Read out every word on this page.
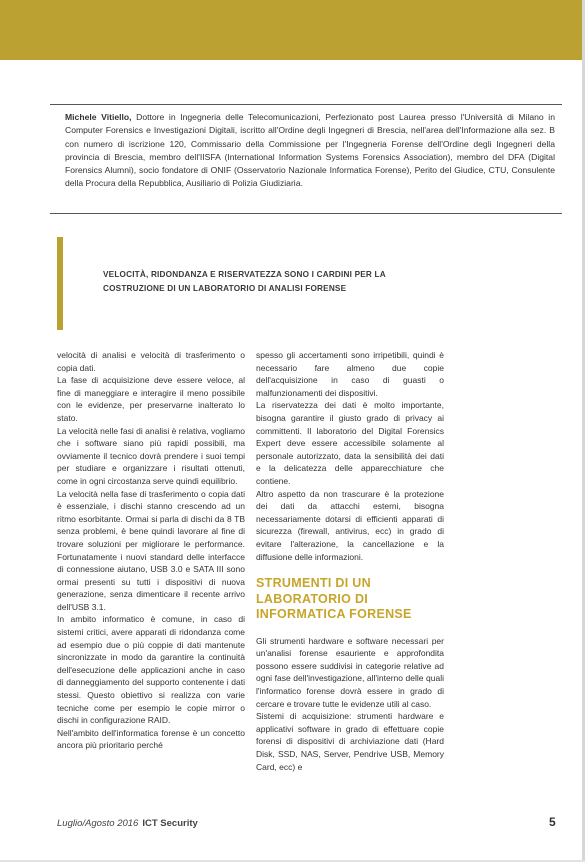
Michele Vitiello, Dottore in Ingegneria delle Telecomunicazioni, Perfezionato post Laurea presso l'Università di Milano in Computer Forensics e Investigazioni Digitali, iscritto all'Ordine degli Ingegneri di Brescia, nell'area dell'Informazione alla sez. B con numero di iscrizione 120, Commissario della Commissione per l'Ingegneria Forense dell'Ordine degli Ingegneri della provincia di Brescia, membro dell'IISFA (International Information Systems Forensics Association), membro del DFA (Digital Forensics Alumni), socio fondatore di ONIF (Osservatorio Nazionale Informatica Forense), Perito del Giudice, CTU, Consulente della Procura della Repubblica, Ausiliario di Polizia Giudiziaria.

VELOCITÀ, RIDONDANZA E RISERVATEZZA SONO I CARDINI PER LA COSTRUZIONE DI UN LABORATORIO DI ANALISI FORENSE

velocità di analisi e velocità di trasferimento o copia dati.

La fase di acquisizione deve essere veloce, al fine di maneggiare e interagire il meno possibile con le evidenze, per preservarne inalterato lo stato.

La velocità nelle fasi di analisi è relativa, vogliamo che i software siano più rapidi possibili, ma ovviamente il tecnico dovrà prendere i suoi tempi per studiare e organizzare i risultati ottenuti, come in ogni circostanza serve quindi equilibrio.

La velocità nella fase di trasferimento o copia dati è essenziale, i dischi stanno crescendo ad un ritmo esorbitante. Ormai si parla di dischi da 8 TB senza problemi, è bene quindi lavorare al fine di trovare soluzioni per migliorare le performance. Fortunatamente i nuovi standard delle interfacce di connessione aiutano, USB 3.0 e SATA III sono ormai presenti su tutti i dispositivi di nuova generazione, senza dimenticare il recente arrivo dell'USB 3.1.

In ambito informatico è comune, in caso di sistemi critici, avere apparati di ridondanza come ad esempio due o più coppie di dati mantenute sincronizzate in modo da garantire la continuità dell'esecuzione delle applicazioni anche in caso di danneggiamento del supporto contenente i dati stessi. Questo obiettivo si realizza con varie tecniche come per esempio le copie mirror o dischi in configurazione RAID.

Nell'ambito dell'informatica forense è un concetto ancora più prioritario perché

spesso gli accertamenti sono irripetibili, quindi è necessario fare almeno due copie dell'acquisizione in caso di guasti o malfunzionamenti dei dispositivi.

La riservatezza dei dati è molto importante, bisogna garantire il giusto grado di privacy ai committenti. Il laboratorio del Digital Forensics Expert deve essere accessibile solamente al personale autorizzato, data la sensibilità dei dati e la delicatezza delle apparecchiature che contiene.

Altro aspetto da non trascurare è la protezione dei dati da attacchi esterni, bisogna necessariamente dotarsi di efficienti apparati di sicurezza (firewall, antivirus, ecc) in grado di evitare l'alterazione, la cancellazione e la diffusione delle informazioni.

STRUMENTI DI UN LABORATORIO DI INFORMATICA FORENSE

Gli strumenti hardware e software necessari per un'analisi forense esauriente e approfondita possono essere suddivisi in categorie relative ad ogni fase dell'investigazione, all'interno delle quali l'informatico forense dovrà essere in grado di cercare e trovare tutte le evidenze utili al caso.

Sistemi di acquisizione: strumenti hardware e applicativi software in grado di effettuare copie forensi di dispositivi di archiviazione dati (Hard Disk, SSD, NAS, Server, Pendrive USB, Memory Card, ecc) e

Luglio/Agosto 2016 ICT Security	5
